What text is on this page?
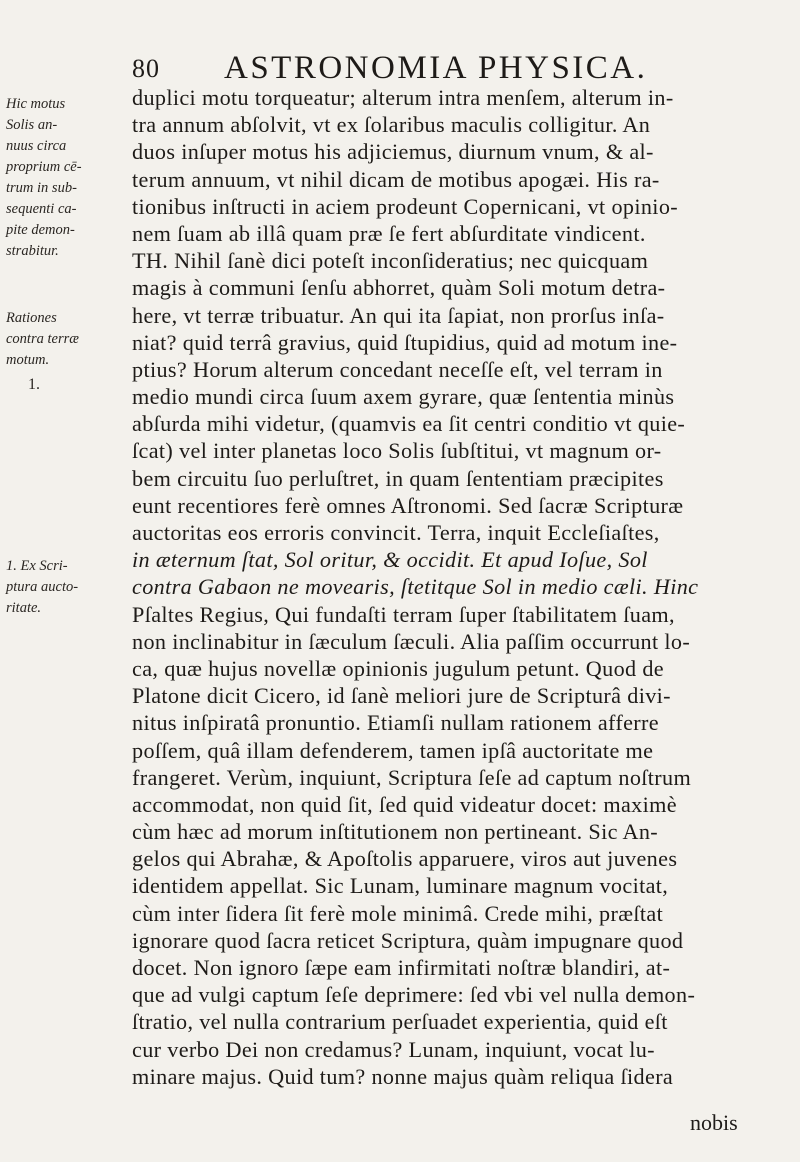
80 ASTRONOMIA PHYSICA.
Hic motus
Solis an-
nuus circa
proprium cē-
trum in sub-
sequenti ca-
pite demon-
strabitur.
Rationes
contra terræ
motum.
1.
1. Ex Scri-
ptura aucto-
ritate.
duplici motu torqueatur; alterum intra menſem, alterum in-
tra annum abſolvit, vt ex ſolaribus maculis colligitur. An
duos inſuper motus his adjiciemus, diurnum vnum, & al-
terum annuum, vt nihil dicam de motibus apogæi. His ra-
tionibus inſtructi in aciem prodeunt Copernicani, vt opinio-
nem ſuam ab illâ quam præ ſe fert abſurditate vindicent.
TH. Nihil ſanè dici poteſt inconſideratius; nec quicquam
magis à communi ſenſu abhorret, quàm Soli motum detra-
here, vt terræ tribuatur. An qui ita ſapiat, non prorſus inſa-
niat? quid terrâ gravius, quid ſtupidius, quid ad motum ine-
ptius? Horum alterum concedant neceſſe eſt, vel terram in
medio mundi circa ſuum axem gyrare, quæ ſententia minùs
abſurda mihi videtur, (quamvis ea ſit centri conditio vt quie-
ſcat) vel inter planetas loco Solis ſubſtitui, vt magnum or-
bem circuitu ſuo perluſtret, in quam ſententiam præcipites
eunt recentiores ferè omnes Aſtronomi. Sed ſacræ Scripturæ
auctoritas eos erroris convincit. Terra, inquit Eccleſiaſtes,
in æternum ſtat, Sol oritur, & occidit. Et apud Ioſue, Sol
contra Gabaon ne movearis, ſtetitque Sol in medio cæli. Hinc
Pſaltes Regius, Qui fundaſti terram ſuper ſtabilitatem ſuam,
non inclinabitur in ſæculum ſæculi. Alia paſſim occurrunt lo-
ca, quæ hujus novellæ opinionis jugulum petunt. Quod de
Platone dicit Cicero, id ſanè meliori jure de Scripturâ divi-
nitus inſpiratâ pronuntio. Etiamſi nullam rationem afferre
poſſem, quâ illam defenderem, tamen ipſâ auctoritate me
frangeret. Verùm, inquiunt, Scriptura ſeſe ad captum noſtrum
accommodat, non quid ſit, ſed quid videatur docet: maximè
cùm hæc ad morum inſtitutionem non pertineant. Sic An-
gelos qui Abrahæ, & Apoſtolis apparuere, viros aut juvenes
identidem appellat. Sic Lunam, luminare magnum vocitat,
cùm inter ſidera ſit ferè mole minimâ. Crede mihi, præſtat
ignorare quod ſacra reticet Scriptura, quàm impugnare quod
docet. Non ignoro ſæpe eam infirmitati noſtræ blandiri, at-
que ad vulgi captum ſeſe deprimere: ſed vbi vel nulla demon-
ſtratio, vel nulla contrarium perſuadet experientia, quid eſt
cur verbo Dei non credamus? Lunam, inquiunt, vocat lu-
minare majus. Quid tum? nonne majus quàm reliqua ſidera
nobis
